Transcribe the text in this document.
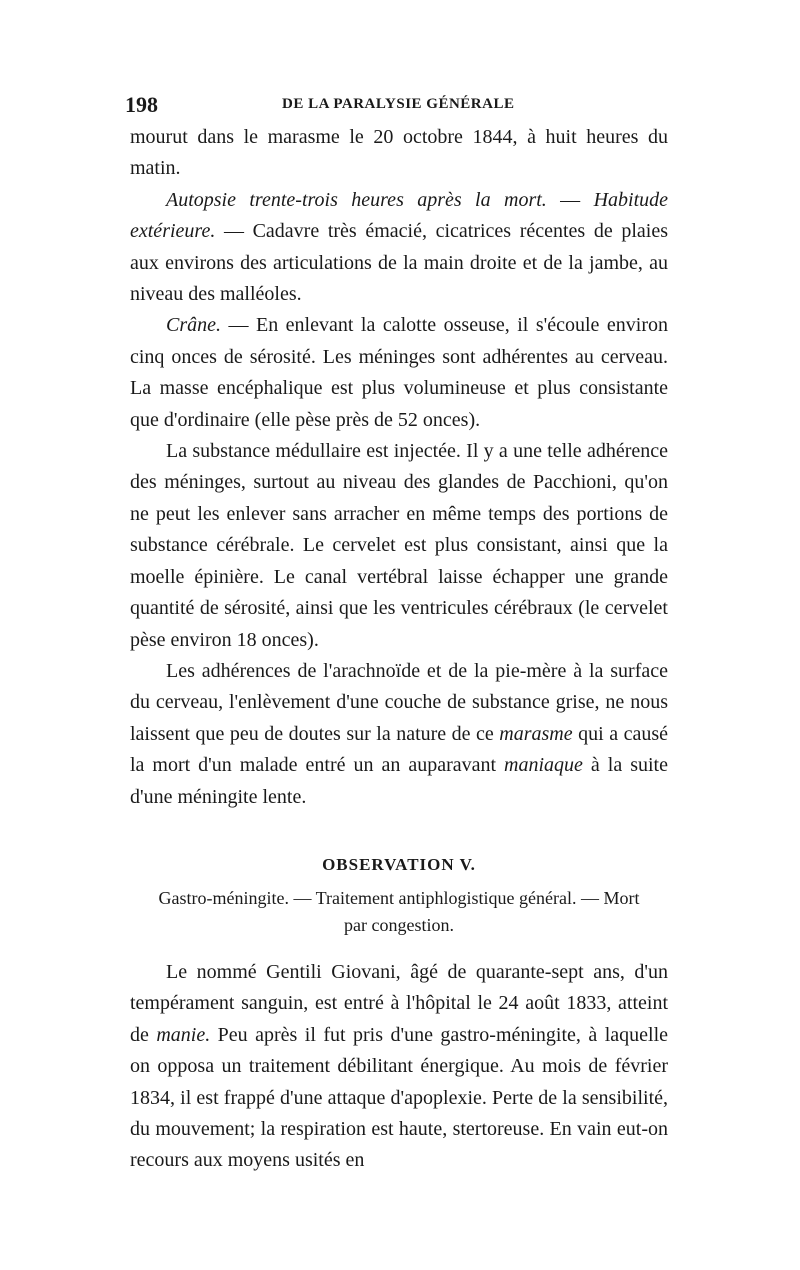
198	DE LA PARALYSIE GÉNÉRALE

mourut dans le marasme le 20 octobre 1844, à huit heures du matin.

Autopsie trente-trois heures après la mort. — Habitude extérieure. — Cadavre très émacié, cicatrices récentes de plaies aux environs des articulations de la main droite et de la jambe, au niveau des malléoles.

Crâne. — En enlevant la calotte osseuse, il s'écoule environ cinq onces de sérosité. Les méninges sont adhérentes au cerveau. La masse encéphalique est plus volumineuse et plus consistante que d'ordinaire (elle pèse près de 52 onces).

La substance médullaire est injectée. Il y a une telle adhérence des méninges, surtout au niveau des glandes de Pacchioni, qu'on ne peut les enlever sans arracher en même temps des portions de substance cérébrale. Le cervelet est plus consistant, ainsi que la moelle épinière. Le canal vertébral laisse échapper une grande quantité de sérosité, ainsi que les ventricules cérébraux (le cervelet pèse environ 18 onces).

Les adhérences de l'arachnoïde et de la pie-mère à la surface du cerveau, l'enlèvement d'une couche de substance grise, ne nous laissent que peu de doutes sur la nature de ce marasme qui a causé la mort d'un malade entré un an auparavant maniaque à la suite d'une méningite lente.

OBSERVATION V.

Gastro-méningite. — Traitement antiphlogistique général. — Mort
par congestion.

Le nommé Gentili Giovani, âgé de quarante-sept ans, d'un tempérament sanguin, est entré à l'hôpital le 24 août 1833, atteint de manie. Peu après il fut pris d'une gastro-méningite, à laquelle on opposa un traitement débilitant énergique. Au mois de février 1834, il est frappé d'une attaque d'apoplexie. Perte de la sensibilité, du mouvement; la respiration est haute, stertoreuse. En vain eut-on recours aux moyens usités en
